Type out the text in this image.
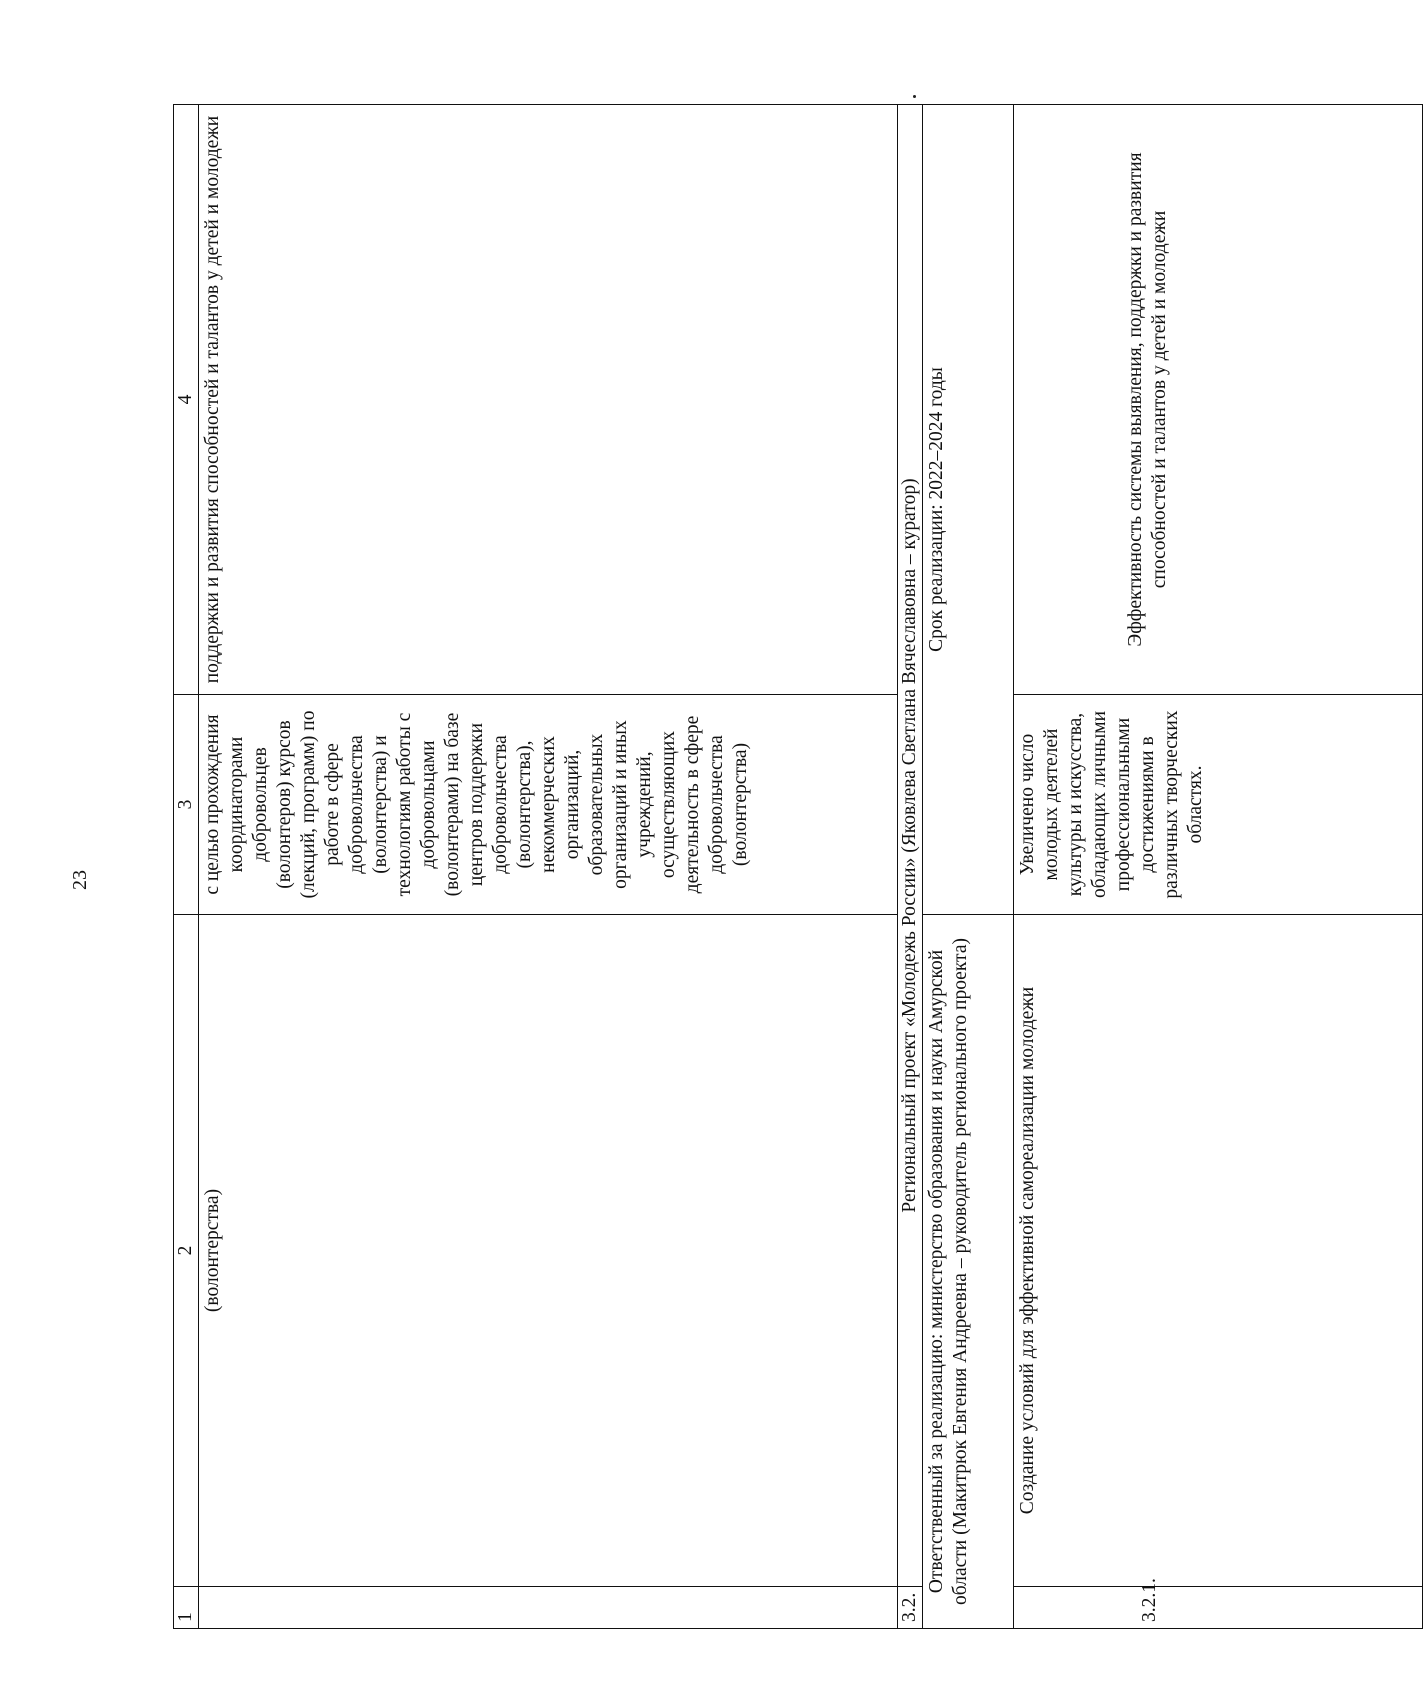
23
1	2	3	4
	(волонтерства)	с целью прохождения координаторами добровольцев (волонтеров) курсов (лекций, программ) по работе в сфере добровольчества (волонтерства) и технологиям работы с добровольцами (волонтерами) на базе центров поддержки добровольчества (волонтерства), некоммерческих организаций, образовательных организаций и иных учреждений, осуществляющих деятельность в сфере добровольчества (волонтерства)	поддержки и развития способностей и талантов у детей и молодежи
3.2.	Региональный проект «Молодежь России» (Яковлева Светлана Вячеславовна – куратор)		
Ответственный за реализацию: министерство образования и науки Амурской области (Макитрюк Евгения Андреевна – руководитель регионального проекта)		Срок реализации: 2022–2024 годы	
3.2.1.	Создание условий для эффективной самореализации молодежи	Увеличено число молодых деятелей культуры и искусства, обладающих личными профессиональными достижениями в различных творческих областях.	Эффективность системы выявления, поддержки и развития способностей и талантов у детей и молодежи
